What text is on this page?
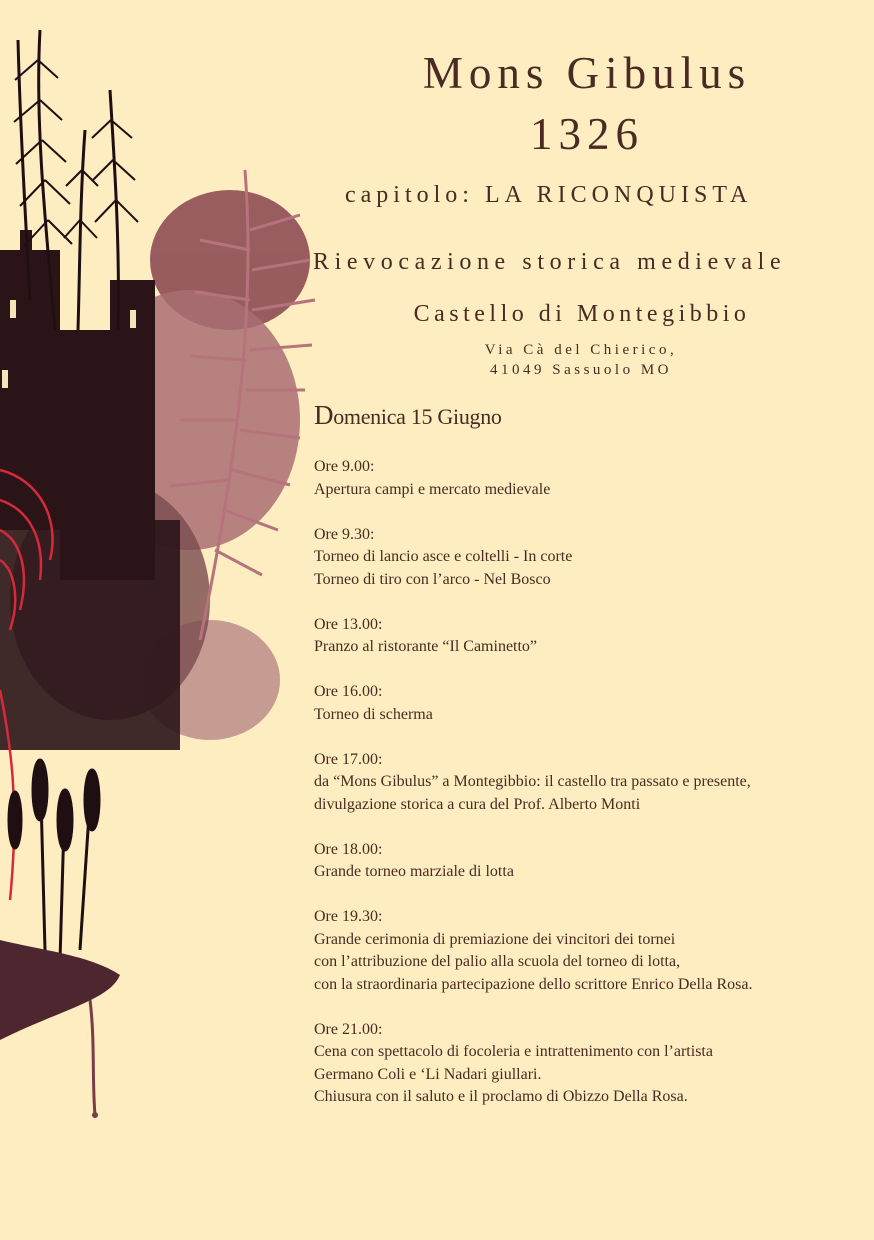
Mons Gibulus
1326
capitolo: LA RICONQUISTA
Rievocazione storica medievale
Castello di Montegibbio
Via Cà del Chierico,
41049 Sassuolo MO
Domenica 15 Giugno
Ore 9.00:
Apertura campi e mercato medievale
Ore 9.30:
Torneo di lancio asce e coltelli - In corte
Torneo di tiro con l’arco - Nel Bosco
Ore 13.00:
Pranzo al ristorante “Il Caminetto”
Ore 16.00:
Torneo di scherma
Ore 17.00:
da “Mons Gibulus” a Montegibbio: il castello tra passato e presente,
divulgazione storica a cura del Prof. Alberto Monti
Ore 18.00:
Grande torneo marziale di lotta
Ore 19.30:
Grande cerimonia di premiazione dei vincitori dei tornei
con l’attribuzione del palio alla scuola del torneo di lotta,
con la straordinaria partecipazione dello scrittore Enrico Della Rosa.
Ore 21.00:
Cena con spettacolo di focoleria e intrattenimento con l’artista
Germano Coli e ‘Li Nadari giullari.
Chiusura con il saluto e il proclamo di Obizzo Della Rosa.
